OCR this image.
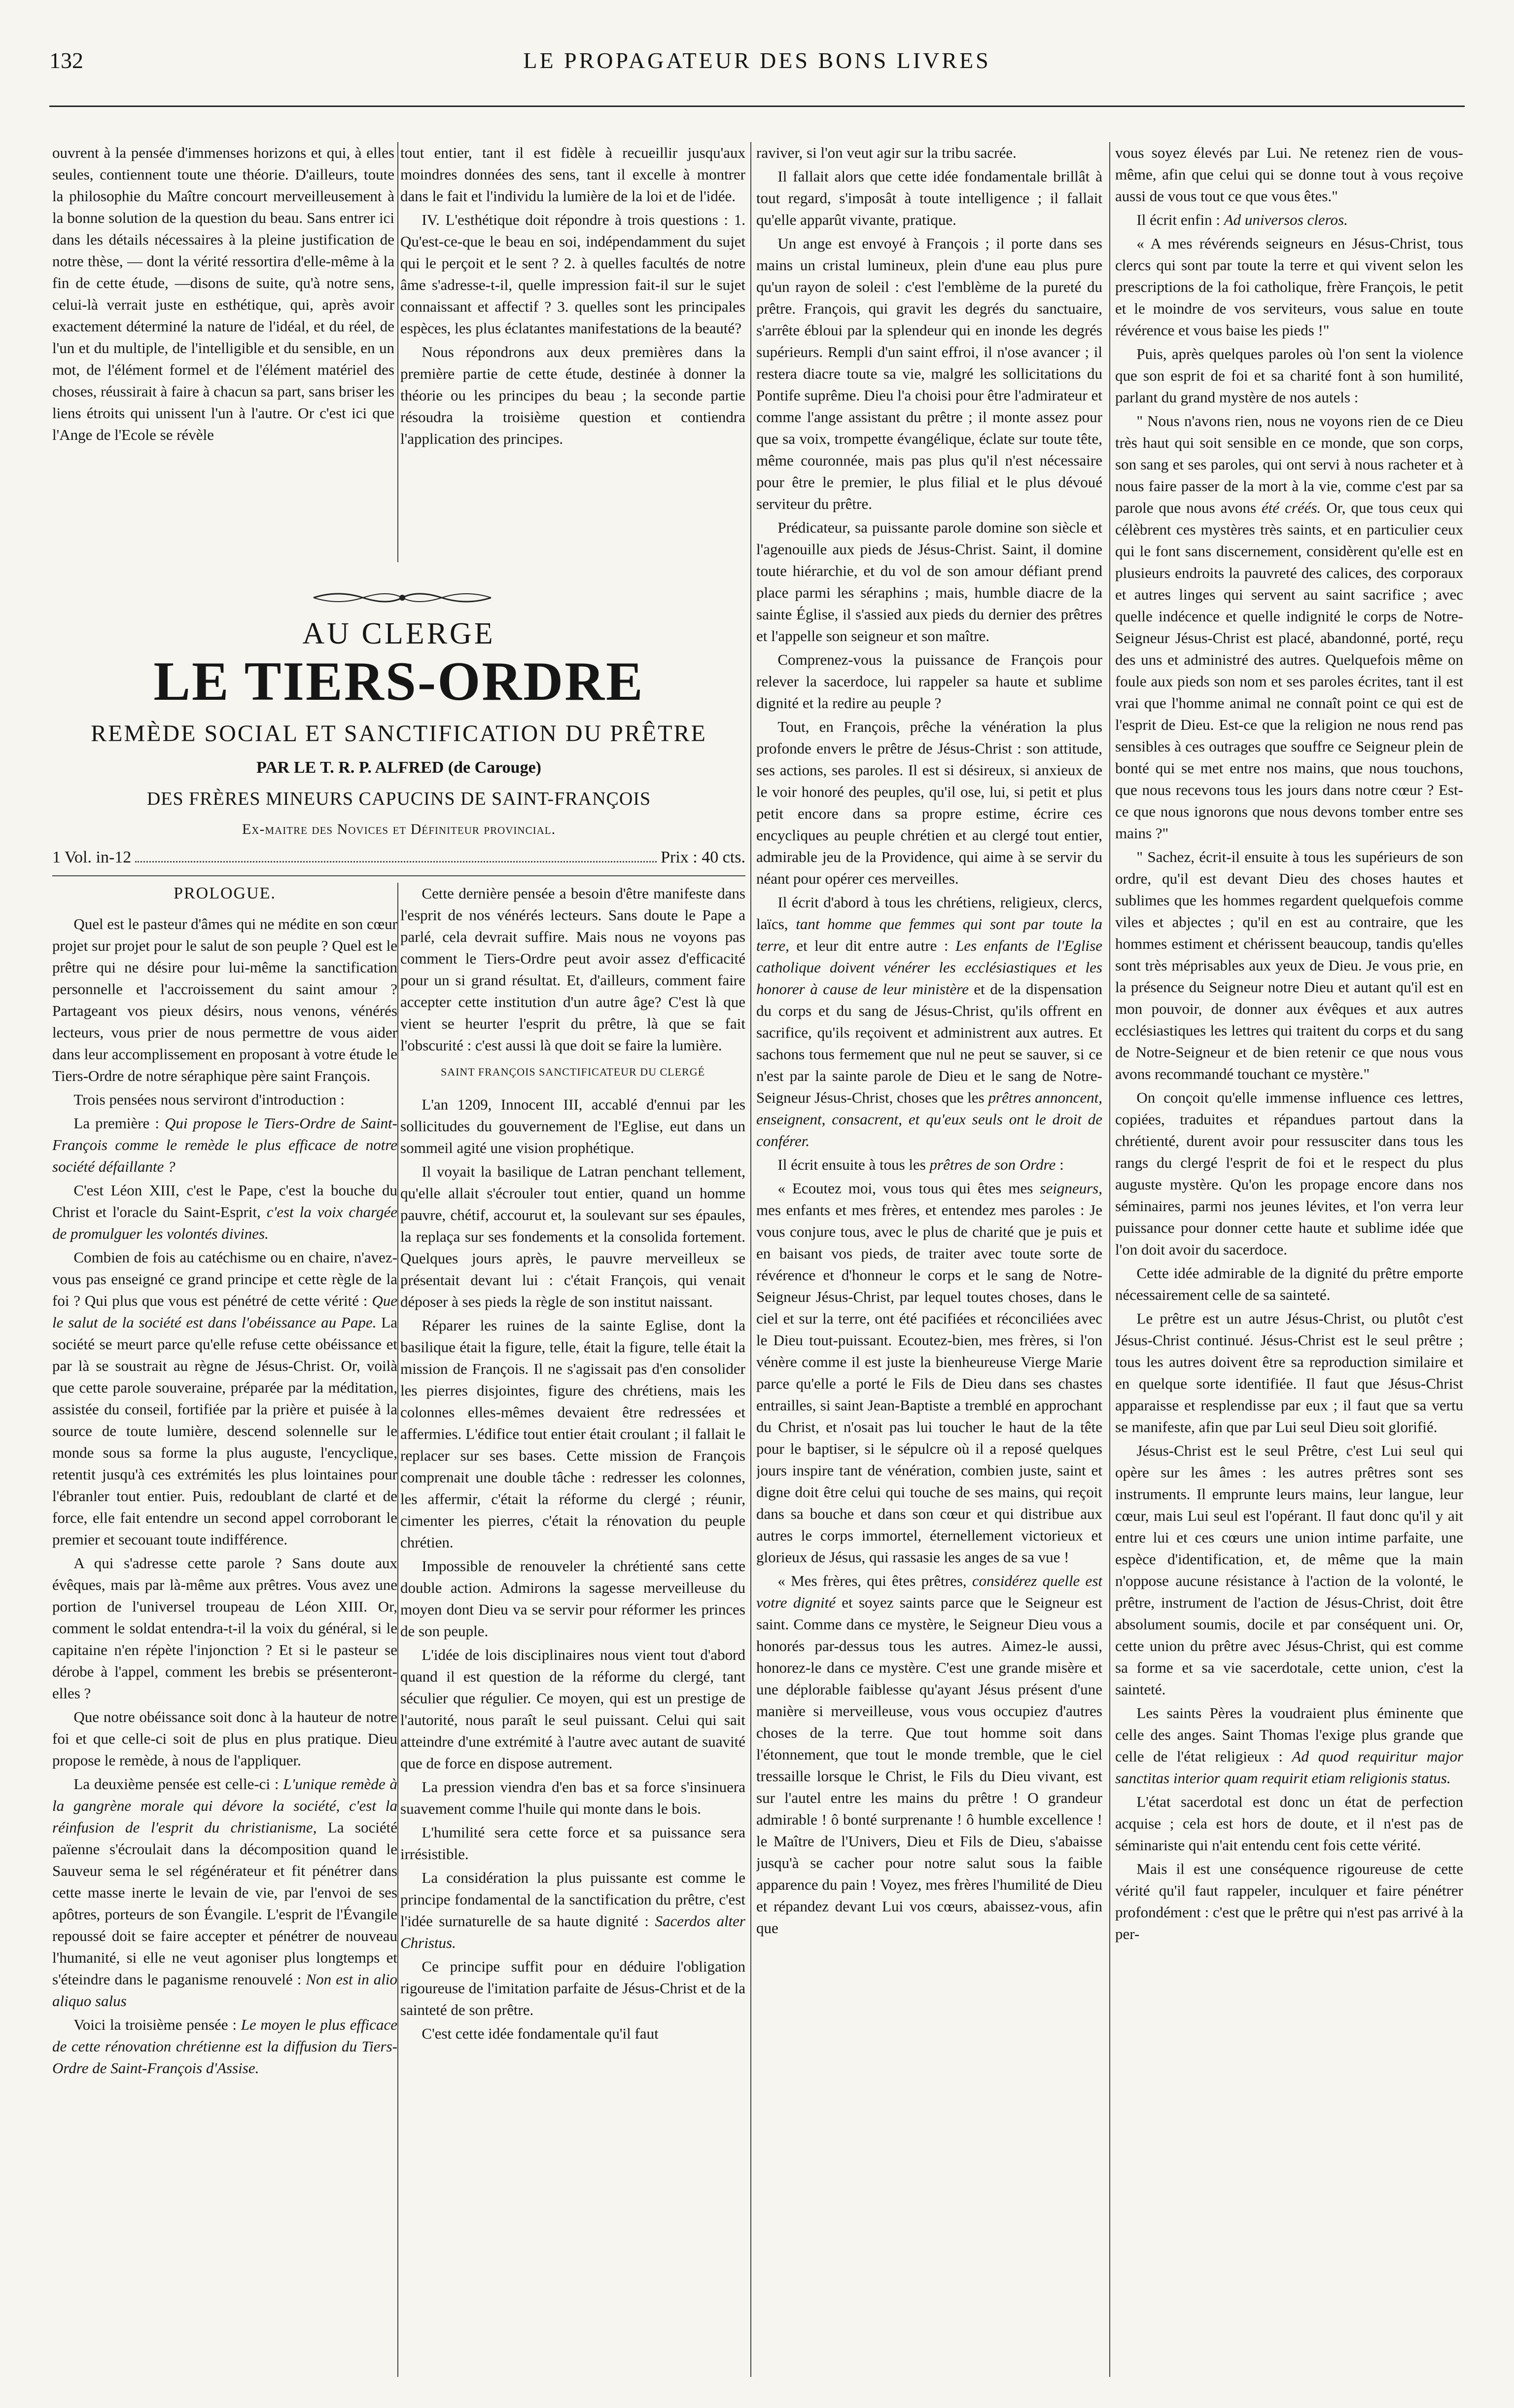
132	LE PROPAGATEUR DES BONS LIVRES

ouvrent à la pensée d'immenses horizons et qui, à elles seules, contiennent toute une théorie. D'ailleurs, toute la philosophie du Maître concourt merveilleusement à la bonne solution de la question du beau. Sans entrer ici dans les détails nécessaires à la pleine justification de notre thèse, — dont la vérité ressortira d'elle-même à la fin de cette étude, —disons de suite, qu'à notre sens, celui-là verrait juste en esthétique, qui, après avoir exactement déterminé la nature de l'idéal, et du réel, de l'un et du multiple, de l'intelligible et du sensible, en un mot, de l'élément formel et de l'élément matériel des choses, réussirait à faire à chacun sa part, sans briser les liens étroits qui unissent l'un à l'autre. Or c'est ici que l'Ange de l'Ecole se révèle

tout entier, tant il est fidèle à recueillir jusqu'aux moindres données des sens, tant il excelle à montrer dans le fait et l'individu la lumière de la loi et de l'idée.

IV. L'esthétique doit répondre à trois questions : 1. Qu'est-ce-que le beau en soi, indépendamment du sujet qui le perçoit et le sent ? 2. à quelles facultés de notre âme s'adresse-t-il, quelle impression fait-il sur le sujet connaissant et affectif ? 3. quelles sont les principales espèces, les plus éclatantes manifestations de la beauté?

Nous répondrons aux deux premières dans la première partie de cette étude, destinée à donner la théorie ou les principes du beau ; la seconde partie résoudra la troisième question et contiendra l'application des principes.

AU CLERGE
LE TIERS-ORDRE
REMÈDE SOCIAL ET SANCTIFICATION DU PRÊTRE
PAR LE T. R. P. ALFRED (de Carouge)
DES FRÈRES MINEURS CAPUCINS DE SAINT-FRANÇOIS
Ex-maitre des Novices et Définiteur provincial.
1 Vol. in-12	Prix : 40 cts.
PROLOGUE.

Quel est le pasteur d'âmes qui ne médite en son cœur projet sur projet pour le salut de son peuple ? Quel est le prêtre qui ne désire pour lui-même la sanctification personnelle et l'accroissement du saint amour ? Partageant vos pieux désirs, nous venons, vénérés lecteurs, vous prier de nous permettre de vous aider dans leur accomplissement en proposant à votre étude le Tiers-Ordre de notre séraphique père saint François.

Trois pensées nous serviront d'introduction :

La première : Qui propose le Tiers-Ordre de Saint-François comme le remède le plus efficace de notre société défaillante ?

C'est Léon XIII, c'est le Pape, c'est la bouche du Christ et l'oracle du Saint-Esprit, c'est la voix chargée de promulguer les volontés divines.

Combien de fois au catéchisme ou en chaire, n'avez-vous pas enseigné ce grand principe et cette règle de la foi ? Qui plus que vous est pénétré de cette vérité : Que le salut de la société est dans l'obéissance au Pape. La société se meurt parce qu'elle refuse cette obéissance et par là se soustrait au règne de Jésus-Christ. Or, voilà que cette parole souveraine, préparée par la méditation, assistée du conseil, fortifiée par la prière et puisée à la source de toute lumière, descend solennelle sur le monde sous sa forme la plus auguste, l'encyclique, retentit jusqu'à ces extrémités les plus lointaines pour l'ébranler tout entier. Puis, redoublant de clarté et de force, elle fait entendre un second appel corroborant le premier et secouant toute indifférence.

A qui s'adresse cette parole ? Sans doute aux évêques, mais par là-même aux prêtres. Vous avez une portion de l'universel troupeau de Léon XIII. Or, comment le soldat entendra-t-il la voix du général, si le capitaine n'en répète l'injonction ? Et si le pasteur se dérobe à l'appel, comment les brebis se présenteront-elles ?

Que notre obéissance soit donc à la hauteur de notre foi et que celle-ci soit de plus en plus pratique. Dieu propose le remède, à nous de l'appliquer.

La deuxième pensée est celle-ci : L'unique remède à la gangrène morale qui dévore la société, c'est la réinfusion de l'esprit du christianisme, La société païenne s'écroulait dans la décomposition quand le Sauveur sema le sel régénérateur et fit pénétrer dans cette masse inerte le levain de vie, par l'envoi de ses apôtres, porteurs de son Évangile. L'esprit de l'Évangile repoussé doit se faire accepter et pénétrer de nouveau l'humanité, si elle ne veut agoniser plus longtemps et s'éteindre dans le paganisme renouvelé : Non est in alio aliquo salus

Voici la troisième pensée : Le moyen le plus efficace de cette rénovation chrétienne est la diffusion du Tiers-Ordre de Saint-François d'Assise.

Cette dernière pensée a besoin d'être manifeste dans l'esprit de nos vénérés lecteurs. Sans doute le Pape a parlé, cela devrait suffire. Mais nous ne voyons pas comment le Tiers-Ordre peut avoir assez d'efficacité pour un si grand résultat. Et, d'ailleurs, comment faire accepter cette institution d'un autre âge? C'est là que vient se heurter l'esprit du prêtre, là que se fait l'obscurité : c'est aussi là que doit se faire la lumière.

SAINT FRANÇOIS SANCTIFICATEUR DU CLERGÉ

L'an 1209, Innocent III, accablé d'ennui par les sollicitudes du gouvernement de l'Eglise, eut dans un sommeil agité une vision prophétique.

Il voyait la basilique de Latran penchant tellement, qu'elle allait s'écrouler tout entier, quand un homme pauvre, chétif, accourut et, la soulevant sur ses épaules, la replaça sur ses fondements et la consolida fortement. Quelques jours après, le pauvre merveilleux se présentait devant lui : c'était François, qui venait déposer à ses pieds la règle de son institut naissant.

Réparer les ruines de la sainte Eglise, dont la basilique était la figure, telle, était la figure, telle était la mission de François. Il ne s'agissait pas d'en consolider les pierres disjointes, figure des chrétiens, mais les colonnes elles-mêmes devaient être redressées et affermies. L'édifice tout entier était croulant ; il fallait le replacer sur ses bases. Cette mission de François comprenait une double tâche : redresser les colonnes, les affermir, c'était la réforme du clergé ; réunir, cimenter les pierres, c'était la rénovation du peuple chrétien.

Impossible de renouveler la chrétienté sans cette double action. Admirons la sagesse merveilleuse du moyen dont Dieu va se servir pour réformer les princes de son peuple.

L'idée de lois disciplinaires nous vient tout d'abord quand il est question de la réforme du clergé, tant séculier que régulier. Ce moyen, qui est un prestige de l'autorité, nous paraît le seul puissant. Celui qui sait atteindre d'une extrémité à l'autre avec autant de suavité que de force en dispose autrement.

La pression viendra d'en bas et sa force s'insinuera suavement comme l'huile qui monte dans le bois.

L'humilité sera cette force et sa puissance sera irrésistible.

La considération la plus puissante est comme le principe fondamental de la sanctification du prêtre, c'est l'idée surnaturelle de sa haute dignité : Sacerdos alter Christus.

Ce principe suffit pour en déduire l'obligation rigoureuse de l'imitation parfaite de Jésus-Christ et de la sainteté de son prêtre.

C'est cette idée fondamentale qu'il faut

raviver, si l'on veut agir sur la tribu sacrée.

Il fallait alors que cette idée fondamentale brillât à tout regard, s'imposât à toute intelligence ; il fallait qu'elle apparût vivante, pratique.

Un ange est envoyé à François ; il porte dans ses mains un cristal lumineux, plein d'une eau plus pure qu'un rayon de soleil : c'est l'emblème de la pureté du prêtre. François, qui gravit les degrés du sanctuaire, s'arrête ébloui par la splendeur qui en inonde les degrés supérieurs. Rempli d'un saint effroi, il n'ose avancer ; il restera diacre toute sa vie, malgré les sollicitations du Pontife suprême. Dieu l'a choisi pour être l'admirateur et comme l'ange assistant du prêtre ; il monte assez pour que sa voix, trompette évangélique, éclate sur toute tête, même couronnée, mais pas plus qu'il n'est nécessaire pour être le premier, le plus filial et le plus dévoué serviteur du prêtre.

Prédicateur, sa puissante parole domine son siècle et l'agenouille aux pieds de Jésus-Christ. Saint, il domine toute hiérarchie, et du vol de son amour défiant prend place parmi les séraphins ; mais, humble diacre de la sainte Église, il s'assied aux pieds du dernier des prêtres et l'appelle son seigneur et son maître.

Comprenez-vous la puissance de François pour relever la sacerdoce, lui rappeler sa haute et sublime dignité et la redire au peuple ?

Tout, en François, prêche la vénération la plus profonde envers le prêtre de Jésus-Christ : son attitude, ses actions, ses paroles. Il est si désireux, si anxieux de le voir honoré des peuples, qu'il ose, lui, si petit et plus petit encore dans sa propre estime, écrire ces encycliques au peuple chrétien et au clergé tout entier, admirable jeu de la Providence, qui aime à se servir du néant pour opérer ces merveilles.

Il écrit d'abord à tous les chrétiens, religieux, clercs, laïcs, tant homme que femmes qui sont par toute la terre, et leur dit entre autre : Les enfants de l'Eglise catholique doivent vénérer les ecclésiastiques et les honorer à cause de leur ministère et de la dispensation du corps et du sang de Jésus-Christ, qu'ils offrent en sacrifice, qu'ils reçoivent et administrent aux autres. Et sachons tous fermement que nul ne peut se sauver, si ce n'est par la sainte parole de Dieu et le sang de Notre-Seigneur Jésus-Christ, choses que les prêtres annoncent, enseignent, consacrent, et qu'eux seuls ont le droit de conférer.

Il écrit ensuite à tous les prêtres de son Ordre :

« Ecoutez moi, vous tous qui êtes mes seigneurs, mes enfants et mes frères, et entendez mes paroles : Je vous conjure tous, avec le plus de charité que je puis et en baisant vos pieds, de traiter avec toute sorte de révérence et d'honneur le corps et le sang de Notre-Seigneur Jésus-Christ, par lequel toutes choses, dans le ciel et sur la terre, ont été pacifiées et réconciliées avec le Dieu tout-puissant. Ecoutez-bien, mes frères, si l'on vénère comme il est juste la bienheureuse Vierge Marie parce qu'elle a porté le Fils de Dieu dans ses chastes entrailles, si saint Jean-Baptiste a tremblé en approchant du Christ, et n'osait pas lui toucher le haut de la tête pour le baptiser, si le sépulcre où il a reposé quelques jours inspire tant de vénération, combien juste, saint et digne doit être celui qui touche de ses mains, qui reçoit dans sa bouche et dans son cœur et qui distribue aux autres le corps immortel, éternellement victorieux et glorieux de Jésus, qui rassasie les anges de sa vue !

« Mes frères, qui êtes prêtres, considérez quelle est votre dignité et soyez saints parce que le Seigneur est saint. Comme dans ce mystère, le Seigneur Dieu vous a honorés par-dessus tous les autres. Aimez-le aussi, honorez-le dans ce mystère. C'est une grande misère et une déplorable faiblesse qu'ayant Jésus présent d'une manière si merveilleuse, vous vous occupiez d'autres choses de la terre. Que tout homme soit dans l'étonnement, que tout le monde tremble, que le ciel tressaille lorsque le Christ, le Fils du Dieu vivant, est sur l'autel entre les mains du prêtre ! O grandeur admirable ! ô bonté surprenante ! ô humble excellence ! le Maître de l'Univers, Dieu et Fils de Dieu, s'abaisse jusqu'à se cacher pour notre salut sous la faible apparence du pain ! Voyez, mes frères l'humilité de Dieu et répandez devant Lui vos cœurs, abaissez-vous, afin que

vous soyez élevés par Lui. Ne retenez rien de vous-même, afin que celui qui se donne tout à vous reçoive aussi de vous tout ce que vous êtes."

Il écrit enfin : Ad universos cleros.

« A mes révérends seigneurs en Jésus-Christ, tous clercs qui sont par toute la terre et qui vivent selon les prescriptions de la foi catholique, frère François, le petit et le moindre de vos serviteurs, vous salue en toute révérence et vous baise les pieds !"

Puis, après quelques paroles où l'on sent la violence que son esprit de foi et sa charité font à son humilité, parlant du grand mystère de nos autels :

" Nous n'avons rien, nous ne voyons rien de ce Dieu très haut qui soit sensible en ce monde, que son corps, son sang et ses paroles, qui ont servi à nous racheter et à nous faire passer de la mort à la vie, comme c'est par sa parole que nous avons été créés. Or, que tous ceux qui célèbrent ces mystères très saints, et en particulier ceux qui le font sans discernement, considèrent qu'elle est en plusieurs endroits la pauvreté des calices, des corporaux et autres linges qui servent au saint sacrifice ; avec quelle indécence et quelle indignité le corps de Notre-Seigneur Jésus-Christ est placé, abandonné, porté, reçu des uns et administré des autres. Quelquefois même on foule aux pieds son nom et ses paroles écrites, tant il est vrai que l'homme animal ne connaît point ce qui est de l'esprit de Dieu. Est-ce que la religion ne nous rend pas sensibles à ces outrages que souffre ce Seigneur plein de bonté qui se met entre nos mains, que nous touchons, que nous recevons tous les jours dans notre cœur ? Est-ce que nous ignorons que nous devons tomber entre ses mains ?"

" Sachez, écrit-il ensuite à tous les supérieurs de son ordre, qu'il est devant Dieu des choses hautes et sublimes que les hommes regardent quelquefois comme viles et abjectes ; qu'il en est au contraire, que les hommes estiment et chérissent beaucoup, tandis qu'elles sont très méprisables aux yeux de Dieu. Je vous prie, en la présence du Seigneur notre Dieu et autant qu'il est en mon pouvoir, de donner aux évêques et aux autres ecclésiastiques les lettres qui traitent du corps et du sang de Notre-Seigneur et de bien retenir ce que nous vous avons recommandé touchant ce mystère."

On conçoit qu'elle immense influence ces lettres, copiées, traduites et répandues partout dans la chrétienté, durent avoir pour ressusciter dans tous les rangs du clergé l'esprit de foi et le respect du plus auguste mystère. Qu'on les propage encore dans nos séminaires, parmi nos jeunes lévites, et l'on verra leur puissance pour donner cette haute et sublime idée que l'on doit avoir du sacerdoce.

Cette idée admirable de la dignité du prêtre emporte nécessairement celle de sa sainteté.

Le prêtre est un autre Jésus-Christ, ou plutôt c'est Jésus-Christ continué. Jésus-Christ est le seul prêtre ; tous les autres doivent être sa reproduction similaire et en quelque sorte identifiée. Il faut que Jésus-Christ apparaisse et resplendisse par eux ; il faut que sa vertu se manifeste, afin que par Lui seul Dieu soit glorifié.

Jésus-Christ est le seul Prêtre, c'est Lui seul qui opère sur les âmes : les autres prêtres sont ses instruments. Il emprunte leurs mains, leur langue, leur cœur, mais Lui seul est l'opérant. Il faut donc qu'il y ait entre lui et ces cœurs une union intime parfaite, une espèce d'identification, et, de même que la main n'oppose aucune résistance à l'action de la volonté, le prêtre, instrument de l'action de Jésus-Christ, doit être absolument soumis, docile et par conséquent uni. Or, cette union du prêtre avec Jésus-Christ, qui est comme sa forme et sa vie sacerdotale, cette union, c'est la sainteté.

Les saints Pères la voudraient plus éminente que celle des anges. Saint Thomas l'exige plus grande que celle de l'état religieux : Ad quod requiritur major sanctitas interior quam requirit etiam religionis status.

L'état sacerdotal est donc un état de perfection acquise ; cela est hors de doute, et il n'est pas de séminariste qui n'ait entendu cent fois cette vérité.

Mais il est une conséquence rigoureuse de cette vérité qu'il faut rappeler, inculquer et faire pénétrer profondément : c'est que le prêtre qui n'est pas arrivé à la per-
